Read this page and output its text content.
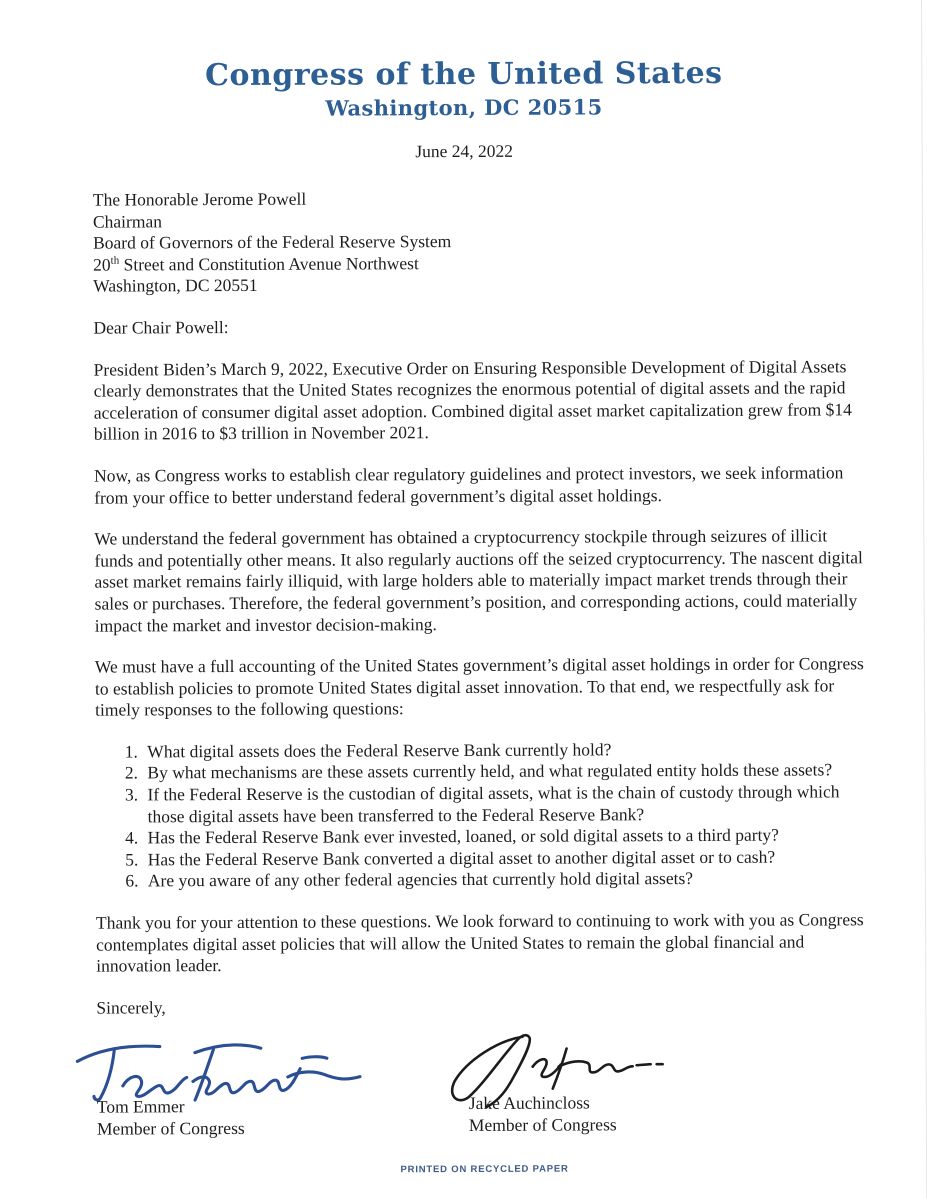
Congress of the United States
Washington, DC 20515
June 24, 2022
The Honorable Jerome Powell
Chairman
Board of Governors of the Federal Reserve System
20th Street and Constitution Avenue Northwest
Washington, DC 20551

Dear Chair Powell:

President Biden’s March 9, 2022, Executive Order on Ensuring Responsible Development of Digital Assets clearly demonstrates that the United States recognizes the enormous potential of digital assets and the rapid acceleration of consumer digital asset adoption. Combined digital asset market capitalization grew from $14 billion in 2016 to $3 trillion in November 2021.

Now, as Congress works to establish clear regulatory guidelines and protect investors, we seek information from your office to better understand federal government’s digital asset holdings.

We understand the federal government has obtained a cryptocurrency stockpile through seizures of illicit funds and potentially other means. It also regularly auctions off the seized cryptocurrency. The nascent digital asset market remains fairly illiquid, with large holders able to materially impact market trends through their sales or purchases. Therefore, the federal government’s position, and corresponding actions, could materially impact the market and investor decision-making.

We must have a full accounting of the United States government’s digital asset holdings in order for Congress to establish policies to promote United States digital asset innovation. To that end, we respectfully ask for timely responses to the following questions:

1. What digital assets does the Federal Reserve Bank currently hold?
2. By what mechanisms are these assets currently held, and what regulated entity holds these assets?
3. If the Federal Reserve is the custodian of digital assets, what is the chain of custody through which those digital assets have been transferred to the Federal Reserve Bank?
4. Has the Federal Reserve Bank ever invested, loaned, or sold digital assets to a third party?
5. Has the Federal Reserve Bank converted a digital asset to another digital asset or to cash?
6. Are you aware of any other federal agencies that currently hold digital assets?

Thank you for your attention to these questions. We look forward to continuing to work with you as Congress contemplates digital asset policies that will allow the United States to remain the global financial and innovation leader.

Sincerely,

Tom Emmer
Member of Congress
Jake Auchincloss
Member of Congress
PRINTED ON RECYCLED PAPER
